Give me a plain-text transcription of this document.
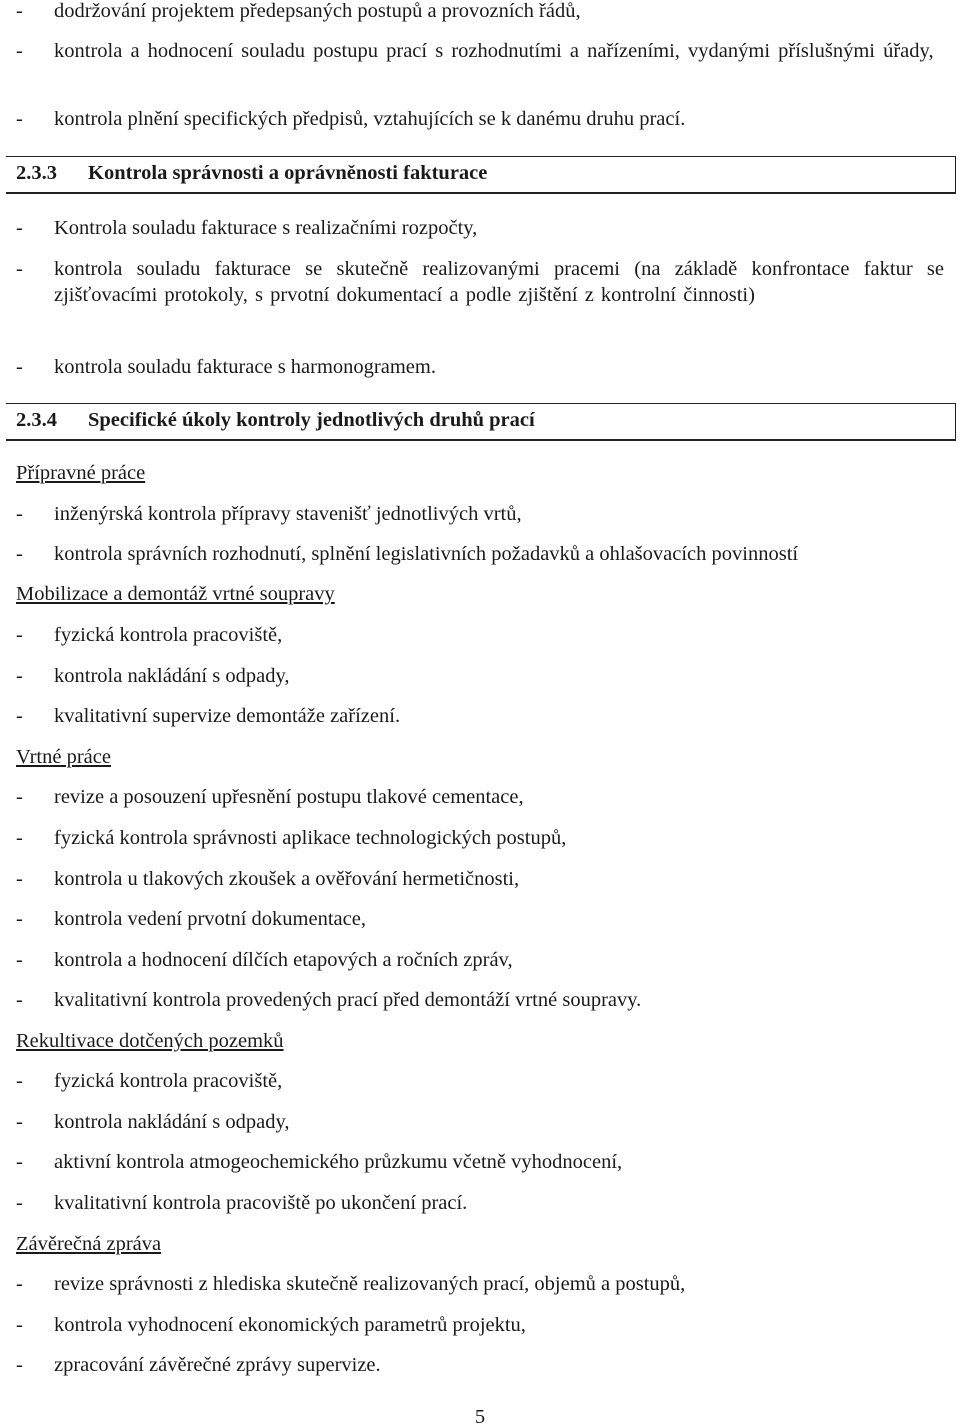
- dodržování projektem předepsaných postupů a provozních řádů,
- kontrola a hodnocení souladu postupu prací s rozhodnutími a nařízeními, vydanými příslušnými úřady,
- kontrola plnění specifických předpisů, vztahujících se k danému druhu prací.
2.3.3 Kontrola správnosti a oprávněnosti fakturace
- Kontrola souladu fakturace s realizačními rozpočty,
- kontrola souladu fakturace se skutečně realizovanými pracemi (na základě konfrontace faktur se zjišťovacími protokoly, s prvotní dokumentací a podle zjištění z kontrolní činnosti)
- kontrola souladu fakturace s harmonogramem.
2.3.4 Specifické úkoly kontroly jednotlivých druhů prací
Přípravné práce
- inženýrská kontrola přípravy stavenišť jednotlivých vrtů,
- kontrola správních rozhodnutí, splnění legislativních požadavků a ohlašovacích povinností
Mobilizace a demontáž vrtné soupravy
- fyzická kontrola pracoviště,
- kontrola nakládání s odpady,
- kvalitativní supervize demontáže zařízení.
Vrtné práce
- revize a posouzení upřesnění postupu tlakové cementace,
- fyzická kontrola správnosti aplikace technologických postupů,
- kontrola u tlakových zkoušek a ověřování hermetičnosti,
- kontrola vedení prvotní dokumentace,
- kontrola a hodnocení dílčích etapových a ročních zpráv,
- kvalitativní kontrola provedených prací před demontáží vrtné soupravy.
Rekultivace dotčených pozemků
- fyzická kontrola pracoviště,
- kontrola nakládání s odpady,
- aktivní kontrola atmogeochemického průzkumu včetně vyhodnocení,
- kvalitativní kontrola pracoviště po ukončení prací.
Závěrečná zpráva
- revize správnosti z hlediska skutečně realizovaných prací, objemů a postupů,
- kontrola vyhodnocení ekonomických parametrů projektu,
- zpracování závěrečné zprávy supervize.
5
